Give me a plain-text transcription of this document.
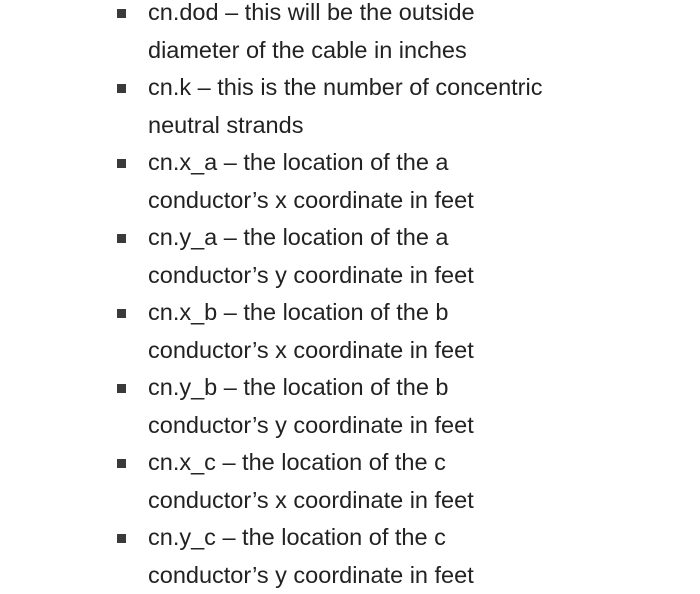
cn.dod – this will be the outside
diameter of the cable in inches
cn.k – this is the number of concentric
neutral strands
cn.x_a – the location of the a
conductor’s x coordinate in feet
cn.y_a – the location of the a
conductor’s y coordinate in feet
cn.x_b – the location of the b
conductor’s x coordinate in feet
cn.y_b – the location of the b
conductor’s y coordinate in feet
cn.x_c – the location of the c
conductor’s x coordinate in feet
cn.y_c – the location of the c
conductor’s y coordinate in feet
